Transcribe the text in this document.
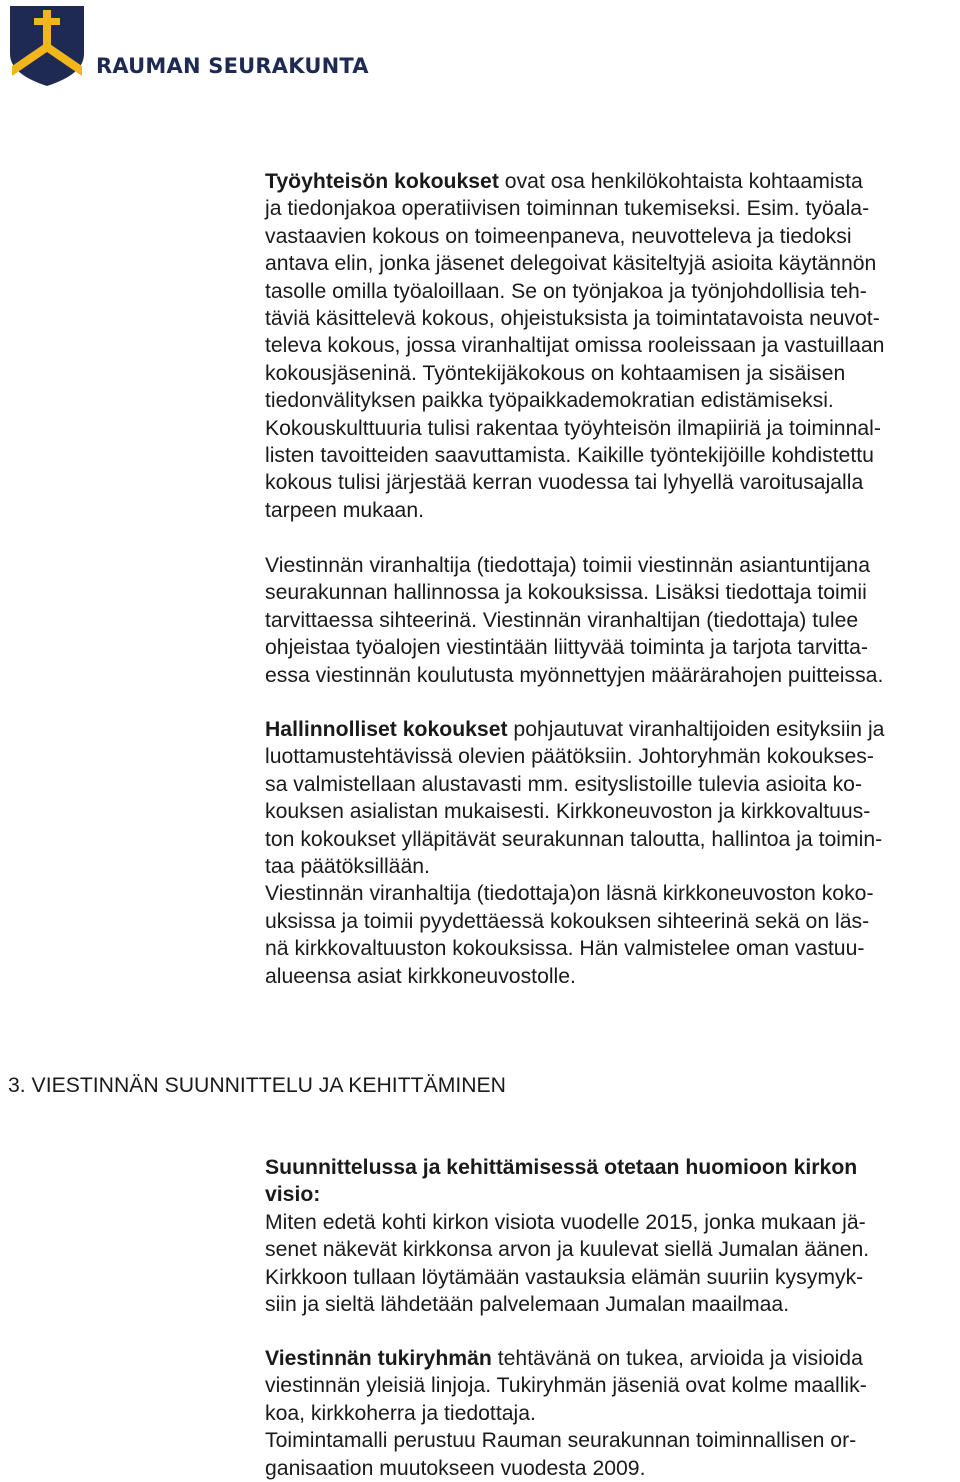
RAUMAN SEURAKUNTA
Työyhteisön kokoukset ovat osa henkilökohtaista kohtaamista
ja tiedonjakoa operatiivisen toiminnan tukemiseksi. Esim. työala-
vastaavien kokous on toimeenpaneva, neuvotteleva ja tiedoksi
antava elin, jonka jäsenet delegoivat käsiteltyjä asioita käytännön
tasolle omilla työaloillaan. Se on työnjakoa ja työnjohdollisia teh-
täviä käsittelevä kokous, ohjeistuksista ja toimintatavoista neuvot-
televa kokous, jossa viranhaltijat omissa rooleissaan ja vastuillaan
kokousjäseninä. Työntekijäkokous on kohtaamisen ja sisäisen
tiedonvälityksen paikka työpaikkademokratian edistämiseksi.
Kokouskulttuuria tulisi rakentaa työyhteisön ilmapiiriä ja toiminnal-
listen tavoitteiden saavuttamista. Kaikille työntekijöille kohdistettu
kokous tulisi järjestää kerran vuodessa tai lyhyellä varoitusajalla
tarpeen mukaan.
Viestinnän viranhaltija (tiedottaja) toimii viestinnän asiantuntijana
seurakunnan hallinnossa ja kokouksissa. Lisäksi tiedottaja toimii
tarvittaessa sihteerinä. Viestinnän viranhaltijan (tiedottaja) tulee
ohjeistaa työalojen viestintään liittyvää toiminta ja tarjota tarvitta-
essa viestinnän koulutusta myönnettyjen määrärahojen puitteissa.
Hallinnolliset kokoukset pohjautuvat viranhaltijoiden esityksiin ja
luottamustehtävissä olevien päätöksiin. Johtoryhmän kokoukses-
sa valmistellaan alustavasti mm. esityslistoille tulevia asioita ko-
kouksen asialistan mukaisesti. Kirkkoneuvoston ja kirkkovaltuus-
ton kokoukset ylläpitävät seurakunnan taloutta, hallintoa ja toimin-
taa päätöksillään.
Viestinnän viranhaltija (tiedottaja)on läsnä kirkkoneuvoston koko-
uksissa ja toimii pyydettäessä kokouksen sihteerinä sekä on läs-
nä kirkkovaltuuston kokouksissa. Hän valmistelee oman vastuu-
alueensa asiat kirkkoneuvostolle.
3. VIESTINNÄN SUUNNITTELU JA KEHITTÄMINEN
Suunnittelussa ja kehittämisessä otetaan huomioon kirkon
visio:
Miten edetä kohti kirkon visiota vuodelle 2015, jonka mukaan jä-
senet näkevät kirkkonsa arvon ja kuulevat siellä Jumalan äänen.
Kirkkoon tullaan löytämään vastauksia elämän suuriin kysymyk-
siin ja sieltä lähdetään palvelemaan Jumalan maailmaa.
Viestinnän tukiryhmän tehtävänä on tukea, arvioida ja visioida
viestinnän yleisiä linjoja. Tukiryhmän jäseniä ovat kolme maallik-
koa, kirkkoherra ja tiedottaja.
Toimintamalli perustuu Rauman seurakunnan toiminnallisen or-
ganisaation muutokseen vuodesta 2009.
